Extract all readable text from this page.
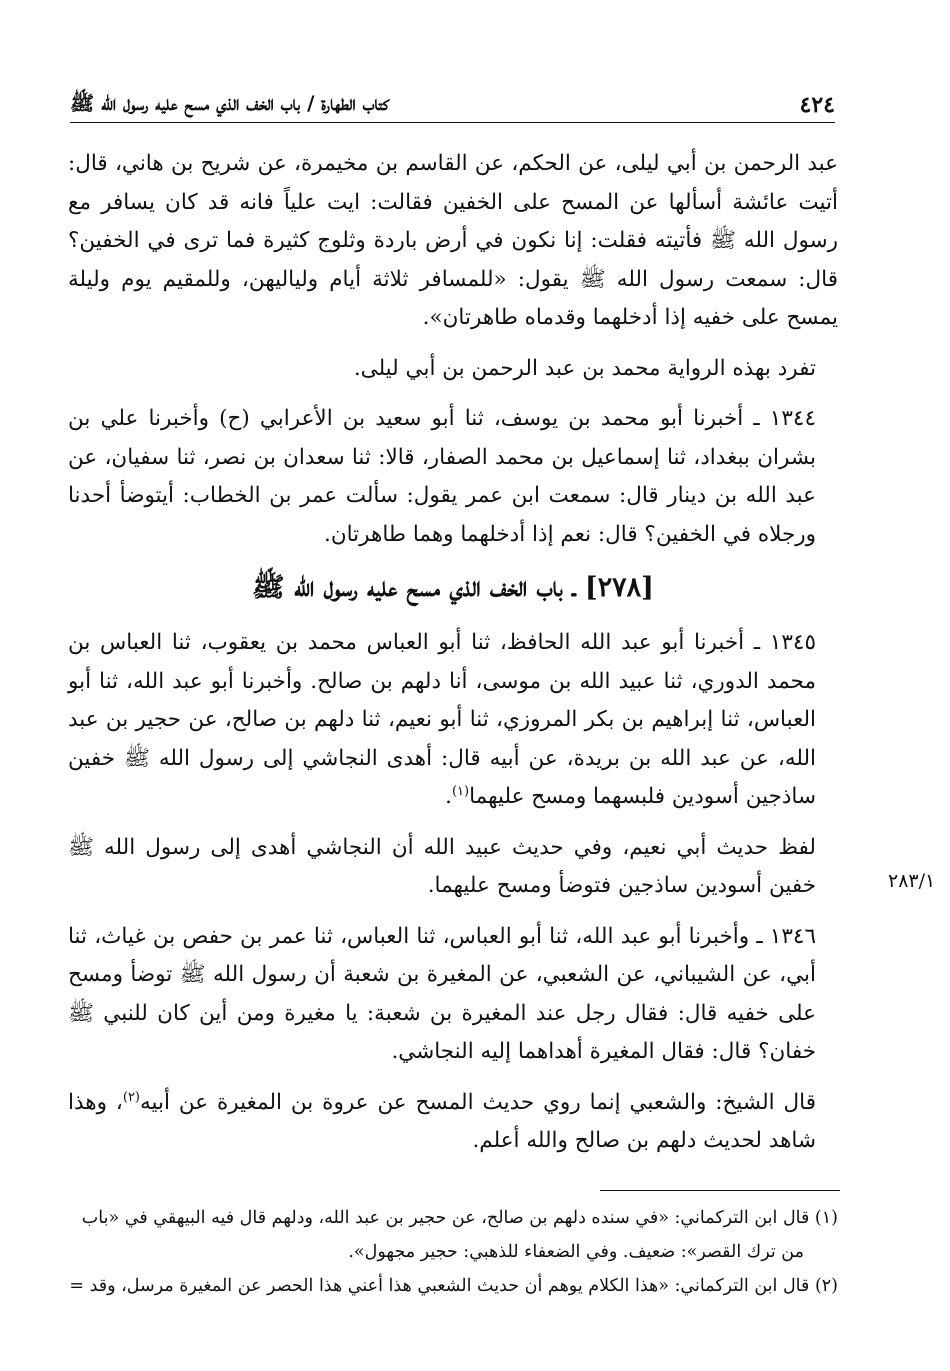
كتاب الطهارة / باب الخف الذي مسح عليه رسول الله ﷺ	٤٢٤

عبد الرحمن بن أبي ليلى، عن الحكم، عن القاسم بن مخيمرة، عن شريح بن هاني، قال: أتيت عائشة أسألها عن المسح على الخفين فقالت: ايت علياً فانه قد كان يسافر مع رسول الله ﷺ فأتيته فقلت: إنا نكون في أرض باردة وثلوج كثيرة فما ترى في الخفين؟ قال: سمعت رسول الله ﷺ يقول: «للمسافر ثلاثة أيام ولياليهن، وللمقيم يوم وليلة يمسح على خفيه إذا أدخلهما وقدماه طاهرتان».

تفرد بهذه الرواية محمد بن عبد الرحمن بن أبي ليلى.

١٣٤٤ ـ أخبرنا أبو محمد بن يوسف، ثنا أبو سعيد بن الأعرابي (ح) وأخبرنا علي بن بشران ببغداد، ثنا إسماعيل بن محمد الصفار، قالا: ثنا سعدان بن نصر، ثنا سفيان، عن عبد الله بن دينار قال: سمعت ابن عمر يقول: سألت عمر بن الخطاب: أيتوضأ أحدنا ورجلاه في الخفين؟ قال: نعم إذا أدخلهما وهما طاهرتان.

[٢٧٨] ـ باب الخف الذي مسح عليه رسول الله ﷺ

١٣٤٥ ـ أخبرنا أبو عبد الله الحافظ، ثنا أبو العباس محمد بن يعقوب، ثنا العباس بن محمد الدوري، ثنا عبيد الله بن موسى، أنا دلهم بن صالح. وأخبرنا أبو عبد الله، ثنا أبو العباس، ثنا إبراهيم بن بكر المروزي، ثنا أبو نعيم، ثنا دلهم بن صالح، عن حجير بن عبد الله، عن عبد الله بن بريدة، عن أبيه قال: أهدى النجاشي إلى رسول الله ﷺ خفين ساذجين أسودين فلبسهما ومسح عليهما$^{(١)}$.

لفظ حديث أبي نعيم، وفي حديث عبيد الله أن النجاشي أهدى إلى رسول الله ﷺ خفين أسودين ساذجين فتوضأ ومسح عليهما.

١٣٤٦ ـ وأخبرنا أبو عبد الله، ثنا أبو العباس، ثنا العباس، ثنا عمر بن حفص بن غياث، ثنا أبي، عن الشيباني، عن الشعبي، عن المغيرة بن شعبة أن رسول الله ﷺ توضأ ومسح على خفيه قال: فقال رجل عند المغيرة بن شعبة: يا مغيرة ومن أين كان للنبي ﷺ خفان؟ قال: فقال المغيرة أهداهما إليه النجاشي.

قال الشيخ: والشعبي إنما روي حديث المسح عن عروة بن المغيرة عن أبيه$^{(٢)}$، وهذا شاهد لحديث دلهم بن صالح والله أعلم.

٢٨٣/١

(١) قال ابن التركماني: «في سنده دلهم بن صالح، عن حجير بن عبد الله، ودلهم قال فيه البيهقي في «باب

من ترك القصر»: ضعيف. وفي الضعفاء للذهبي: حجير مجهول».

(٢) قال ابن التركماني: «هذا الكلام يوهم أن حديث الشعبي هذا أعني هذا الحصر عن المغيرة مرسل، وقد =
